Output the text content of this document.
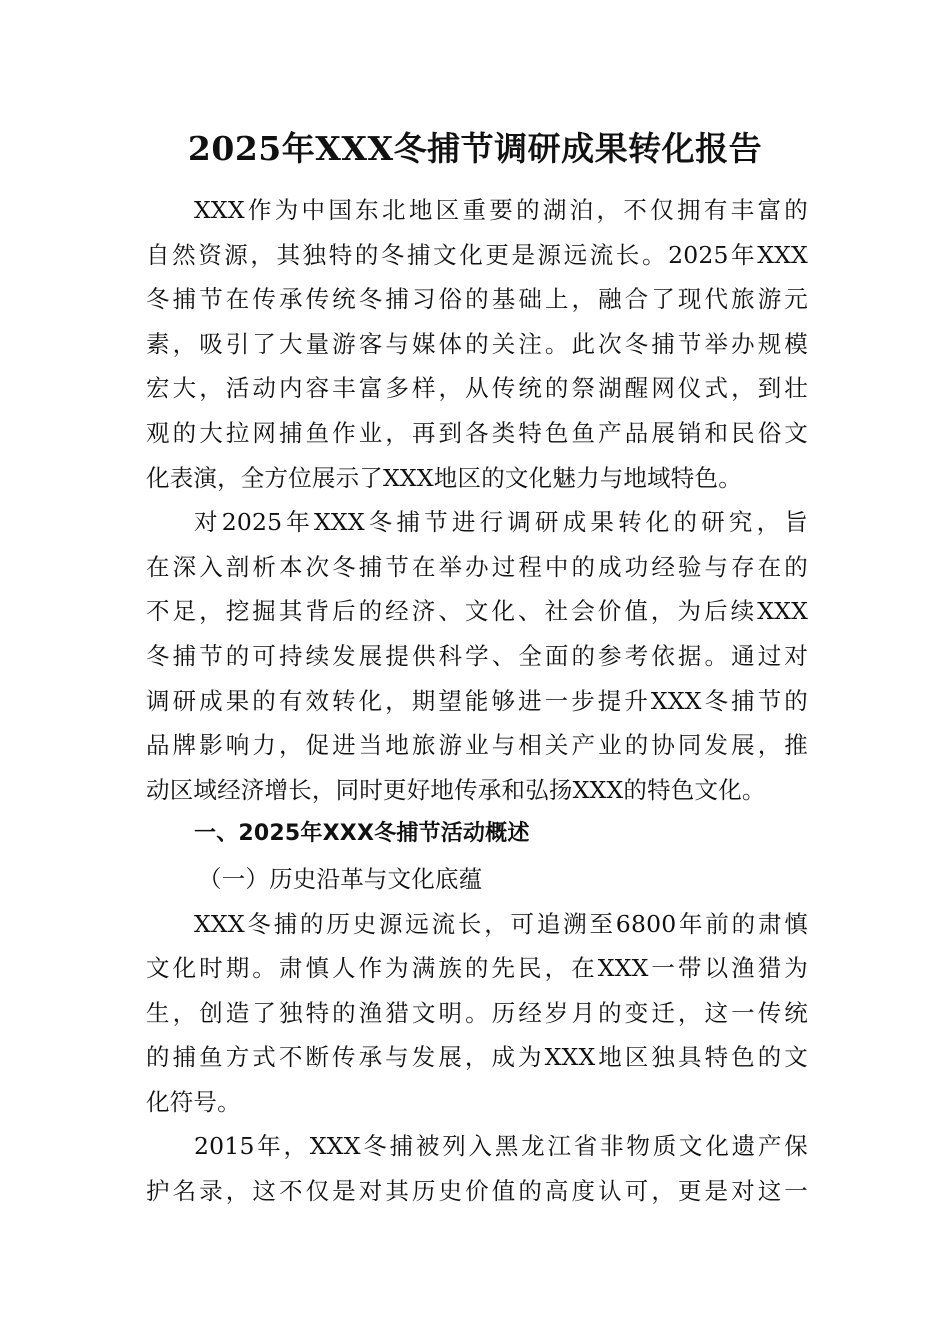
2025年XXX冬捕节调研成果转化报告
XXX作为中国东北地区重要的湖泊，不仅拥有丰富的
自然资源，其独特的冬捕文化更是源远流长。2025年XXX
冬捕节在传承传统冬捕习俗的基础上，融合了现代旅游元
素，吸引了大量游客与媒体的关注。此次冬捕节举办规模
宏大，活动内容丰富多样，从传统的祭湖醒网仪式，到壮
观的大拉网捕鱼作业，再到各类特色鱼产品展销和民俗文
化表演，全方位展示了XXX地区的文化魅力与地域特色。
对2025年XXX冬捕节进行调研成果转化的研究，旨
在深入剖析本次冬捕节在举办过程中的成功经验与存在的
不足，挖掘其背后的经济、文化、社会价值，为后续XXX
冬捕节的可持续发展提供科学、全面的参考依据。通过对
调研成果的有效转化，期望能够进一步提升XXX冬捕节的
品牌影响力，促进当地旅游业与相关产业的协同发展，推
动区域经济增长，同时更好地传承和弘扬XXX的特色文化。
一、2025年XXX冬捕节活动概述
（一）历史沿革与文化底蕴
XXX冬捕的历史源远流长，可追溯至6800年前的肃慎
文化时期。肃慎人作为满族的先民，在XXX一带以渔猎为
生，创造了独特的渔猎文明。历经岁月的变迁，这一传统
的捕鱼方式不断传承与发展，成为XXX地区独具特色的文
化符号。
2015年，XXX冬捕被列入黑龙江省非物质文化遗产保
护名录，这不仅是对其历史价值的高度认可，更是对这一
